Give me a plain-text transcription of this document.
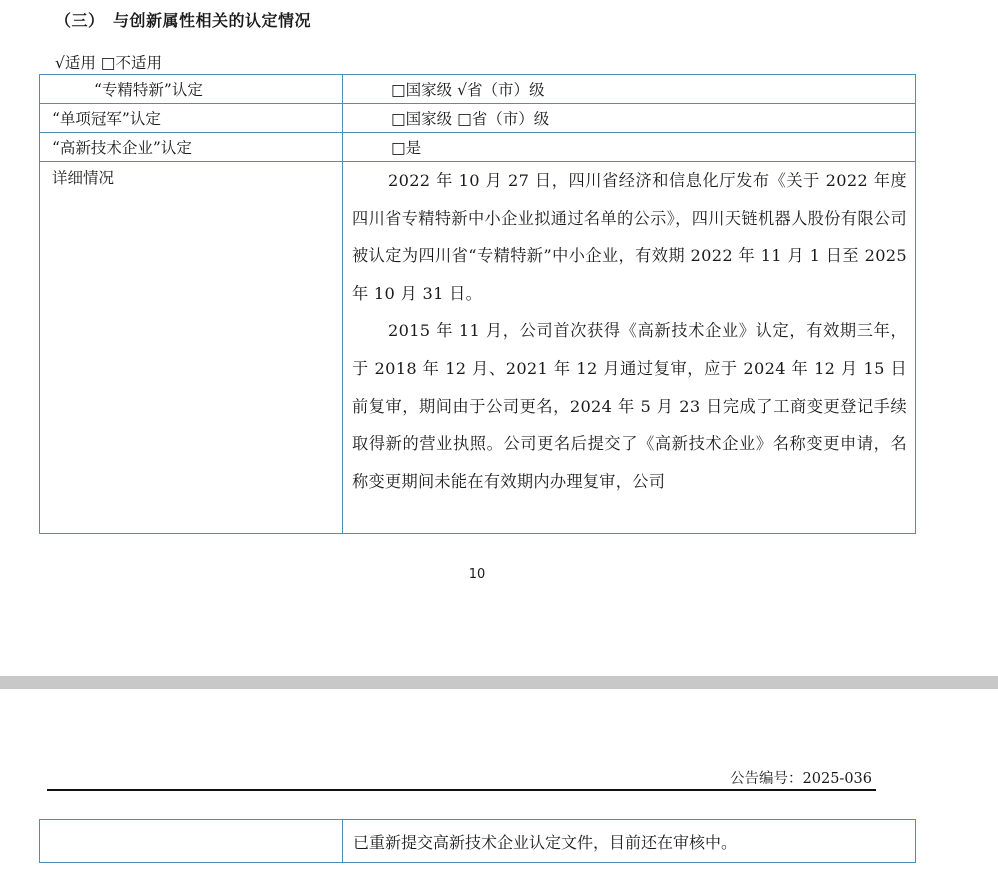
（三）　与创新属性相关的认定情况
√适用 □不适用
“专精特新”认定	□国家级 √省（市）级

“单项冠军”认定	□国家级 □省（市）级

“高新技术企业”认定	□是

详细情况	2022 年 10 月 27 日，四川省经济和信息化厅发布《关于 2022 年度四川省专精特新中小企业拟通过名单的公示》，四川天链机器人股份有限公司被认定为四川省“专精特新”中小企业，有效期 2022 年 11 月 1 日至 2025 年 10 月 31 日。

2015 年 11 月，公司首次获得《高新技术企业》认定，有效期三年，于 2018 年 12 月、2021 年 12 月通过复审，应于 2024 年 12 月 15 日前复审，期间由于公司更名，2024 年 5 月 23 日完成了工商变更登记手续取得新的营业执照。公司更名后提交了《高新技术企业》名称变更申请，名称变更期间未能在有效期内办理复审，公司

10
公告编号：2025-036

已重新提交高新技术企业认定文件，目前还在审核中。
